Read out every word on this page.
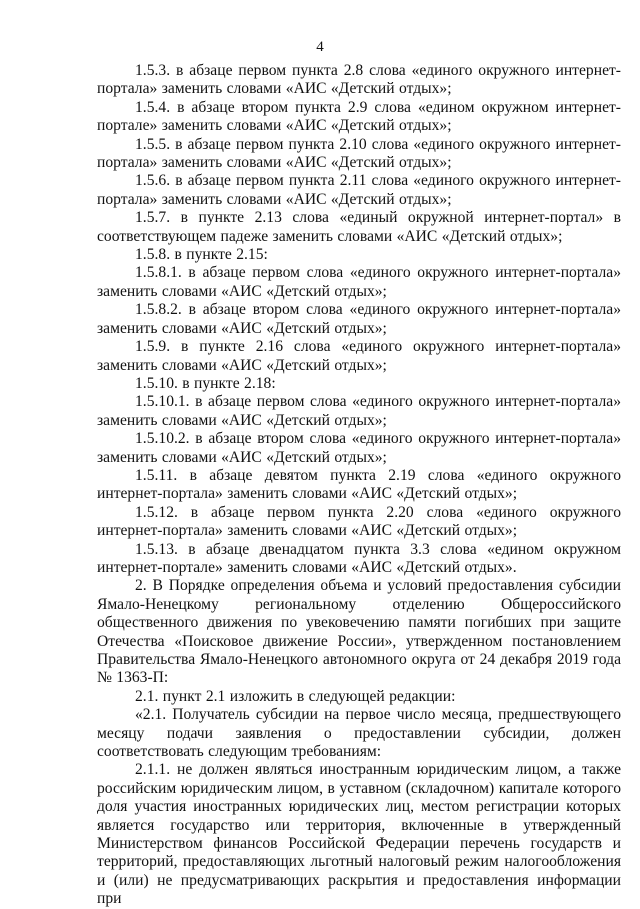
4

1.5.3. в абзаце первом пункта 2.8 слова «единого окружного интернет-портала» заменить словами «АИС «Детский отдых»;

1.5.4. в абзаце втором пункта 2.9 слова «едином окружном интернет-портале» заменить словами «АИС «Детский отдых»;

1.5.5. в абзаце первом пункта 2.10 слова «единого окружного интернет-портала» заменить словами «АИС «Детский отдых»;

1.5.6. в абзаце первом пункта 2.11 слова «единого окружного интернет-портала» заменить словами «АИС «Детский отдых»;

1.5.7. в пункте 2.13 слова «единый окружной интернет-портал» в соответствующем падеже заменить словами «АИС «Детский отдых»;

1.5.8. в пункте 2.15:

1.5.8.1. в абзаце первом слова «единого окружного интернет-портала» заменить словами «АИС «Детский отдых»;

1.5.8.2. в абзаце втором слова «единого окружного интернет-портала» заменить словами «АИС «Детский отдых»;

1.5.9. в пункте 2.16 слова «единого окружного интернет-портала» заменить словами «АИС «Детский отдых»;

1.5.10. в пункте 2.18:

1.5.10.1. в абзаце первом слова «единого окружного интернет-портала» заменить словами «АИС «Детский отдых»;

1.5.10.2. в абзаце втором слова «единого окружного интернет-портала» заменить словами «АИС «Детский отдых»;

1.5.11. в абзаце девятом пункта 2.19 слова «единого окружного интернет-портала» заменить словами «АИС «Детский отдых»;

1.5.12. в абзаце первом пункта 2.20 слова «единого окружного интернет-портала» заменить словами «АИС «Детский отдых»;

1.5.13. в абзаце двенадцатом пункта 3.3 слова «едином окружном интернет-портале» заменить словами «АИС «Детский отдых».

2. В Порядке определения объема и условий предоставления субсидии Ямало-Ненецкому региональному отделению Общероссийского общественного движения по увековечению памяти погибших при защите Отечества «Поисковое движение России», утвержденном постановлением Правительства Ямало-Ненецкого автономного округа от 24 декабря 2019 года № 1363-П:

2.1. пункт 2.1 изложить в следующей редакции:

«2.1. Получатель субсидии на первое число месяца, предшествующего месяцу подачи заявления о предоставлении субсидии, должен соответствовать следующим требованиям:

2.1.1. не должен являться иностранным юридическим лицом, а также российским юридическим лицом, в уставном (складочном) капитале которого доля участия иностранных юридических лиц, местом регистрации которых является государство или территория, включенные в утвержденный Министерством финансов Российской Федерации перечень государств и территорий, предоставляющих льготный налоговый режим налогообложения и (или) не предусматривающих раскрытия и предоставления информации при
